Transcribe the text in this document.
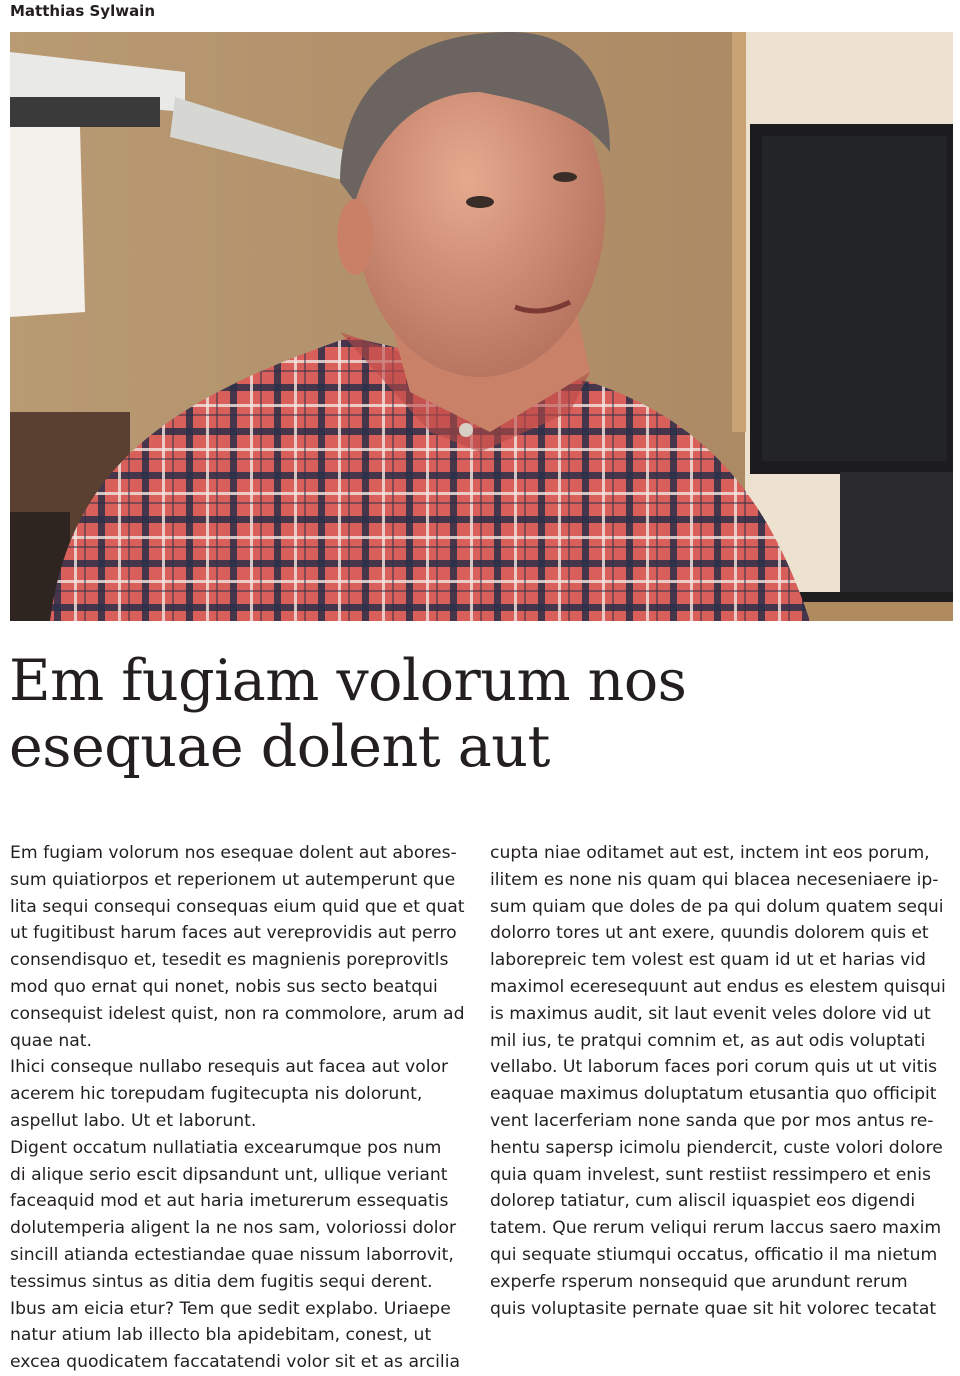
Matthias Sylwain
Em fugiam volorum nos
esequae dolent aut
Em fugiam volorum nos esequae dolent aut abores-
sum quiatiorpos et reperionem ut autemperunt que
lita sequi consequi consequas eium quid que et quat
ut fugitibust harum faces aut vereprovidis aut perro
consendisquo et, tesedit es magnienis poreprovitls
mod quo ernat qui nonet, nobis sus secto beatqui
consequist idelest quist, non ra commolore, arum ad
quae nat.
Ihici conseque nullabo resequis aut facea aut volor
acerem hic torepudam fugitecupta nis dolorunt,
aspellut labo. Ut et laborunt.
Digent occatum nullatiatia excearumque pos num
di alique serio escit dipsandunt unt, ullique veriant
faceaquid mod et aut haria imeturerum essequatis
dolutemperia aligent la ne nos sam, voloriossi dolor
sincill atianda ectestiandae quae nissum laborrovit,
tessimus sintus as ditia dem fugitis sequi derent.
Ibus am eicia etur? Tem que sedit explabo. Uriaepe
natur atium lab illecto bla apidebitam, conest, ut
excea quodicatem faccatatendi volor sit et as arcilia
cupta niae oditamet aut est, inctem int eos porum,
ilitem es none nis quam qui blacea neceseniaere ip-
sum quiam que doles de pa qui dolum quatem sequi
dolorro tores ut ant exere, quundis dolorem quis et
laborepreic tem volest est quam id ut et harias vid
maximol eceresequunt aut endus es elestem quisqui
is maximus audit, sit laut evenit veles dolore vid ut
mil ius, te pratqui comnim et, as aut odis voluptati
vellabo. Ut laborum faces pori corum quis ut ut vitis
eaquae maximus doluptatum etusantia quo officipit
vent lacerferiam none sanda que por mos antus re-
hentu sapersp icimolu piendercit, custe volori dolore
quia quam invelest, sunt restiist ressimpero et enis
dolorep tatiatur, cum aliscil iquaspiet eos digendi
tatem. Que rerum veliqui rerum laccus saero maxim
qui sequate stiumqui occatus, officatio il ma nietum
experfe rsperum nonsequid que arundunt rerum
quis voluptasite pernate quae sit hit volorec tecatat
